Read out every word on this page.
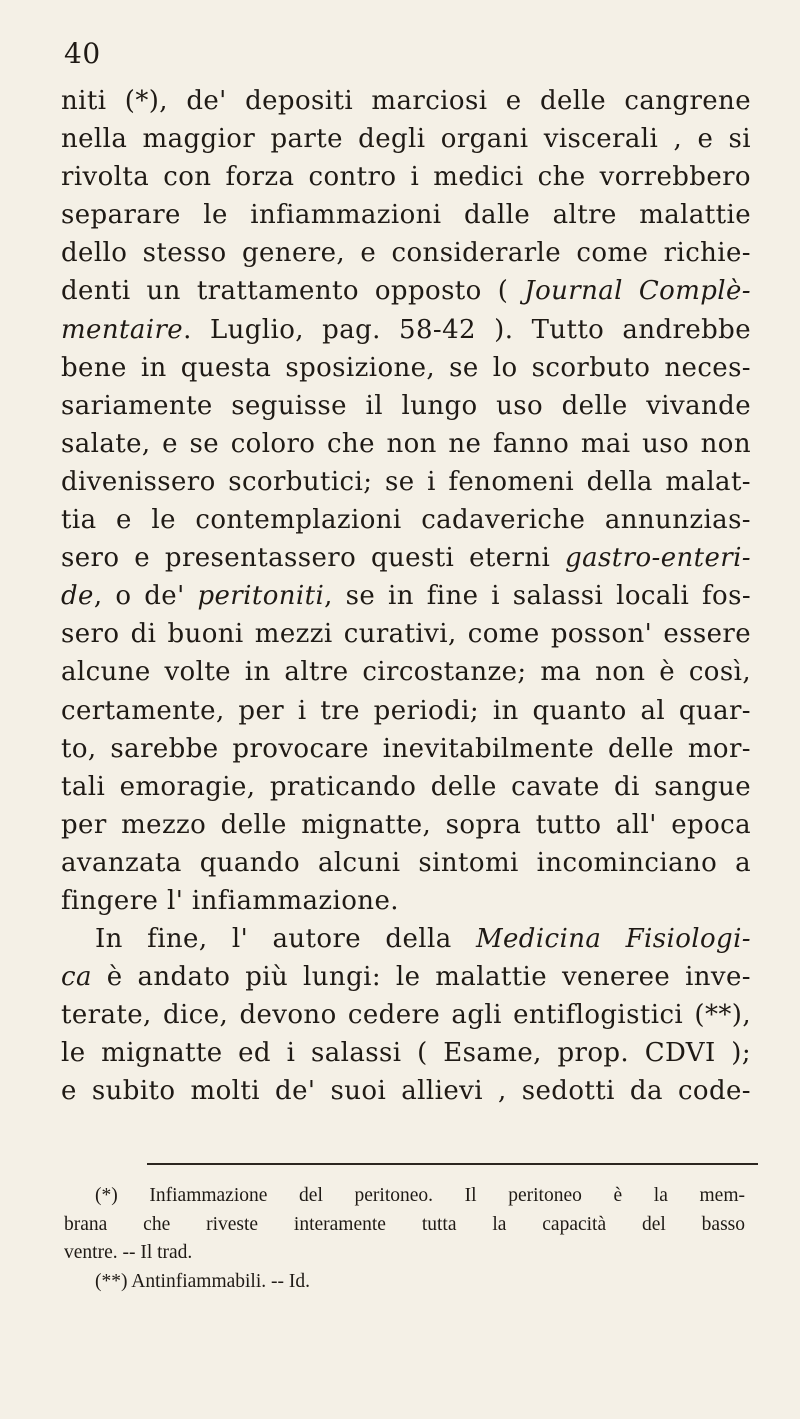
40
niti (*), de' depositi marciosi e delle cangrene
nella maggior parte degli organi viscerali , e si
rivolta con forza contro i medici che vorrebbero
separare le infiammazioni dalle altre malattie
dello stesso genere, e considerarle come richie-
denti un trattamento opposto ( Journal Complè-
mentaire. Luglio, pag. 58-42 ). Tutto andrebbe
bene in questa sposizione, se lo scorbuto neces-
sariamente seguisse il lungo uso delle vivande
salate, e se coloro che non ne fanno mai uso non
divenissero scorbutici; se i fenomeni della malat-
tia e le contemplazioni cadaveriche annunzias-
sero e presentassero questi eterni gastro-enteri-
de, o de' peritoniti, se in fine i salassi locali fos-
sero di buoni mezzi curativi, come posson' essere
alcune volte in altre circostanze; ma non è così,
certamente, per i tre periodi; in quanto al quar-
to, sarebbe provocare inevitabilmente delle mor-
tali emoragie, praticando delle cavate di sangue
per mezzo delle mignatte, sopra tutto all' epoca
avanzata quando alcuni sintomi incominciano a
fingere l' infiammazione.
In fine, l' autore della Medicina Fisiologi-
ca è andato più lungi: le malattie veneree inve-
terate, dice, devono cedere agli entiflogistici (**),
le mignatte ed i salassi ( Esame, prop. CDVI );
e subito molti de' suoi allievi , sedotti da code-
(*) Infiammazione del peritoneo. Il peritoneo è la mem-
brana che riveste interamente tutta la capacità del basso
ventre. -- Il trad.
(**) Antinfiammabili. -- Id.
